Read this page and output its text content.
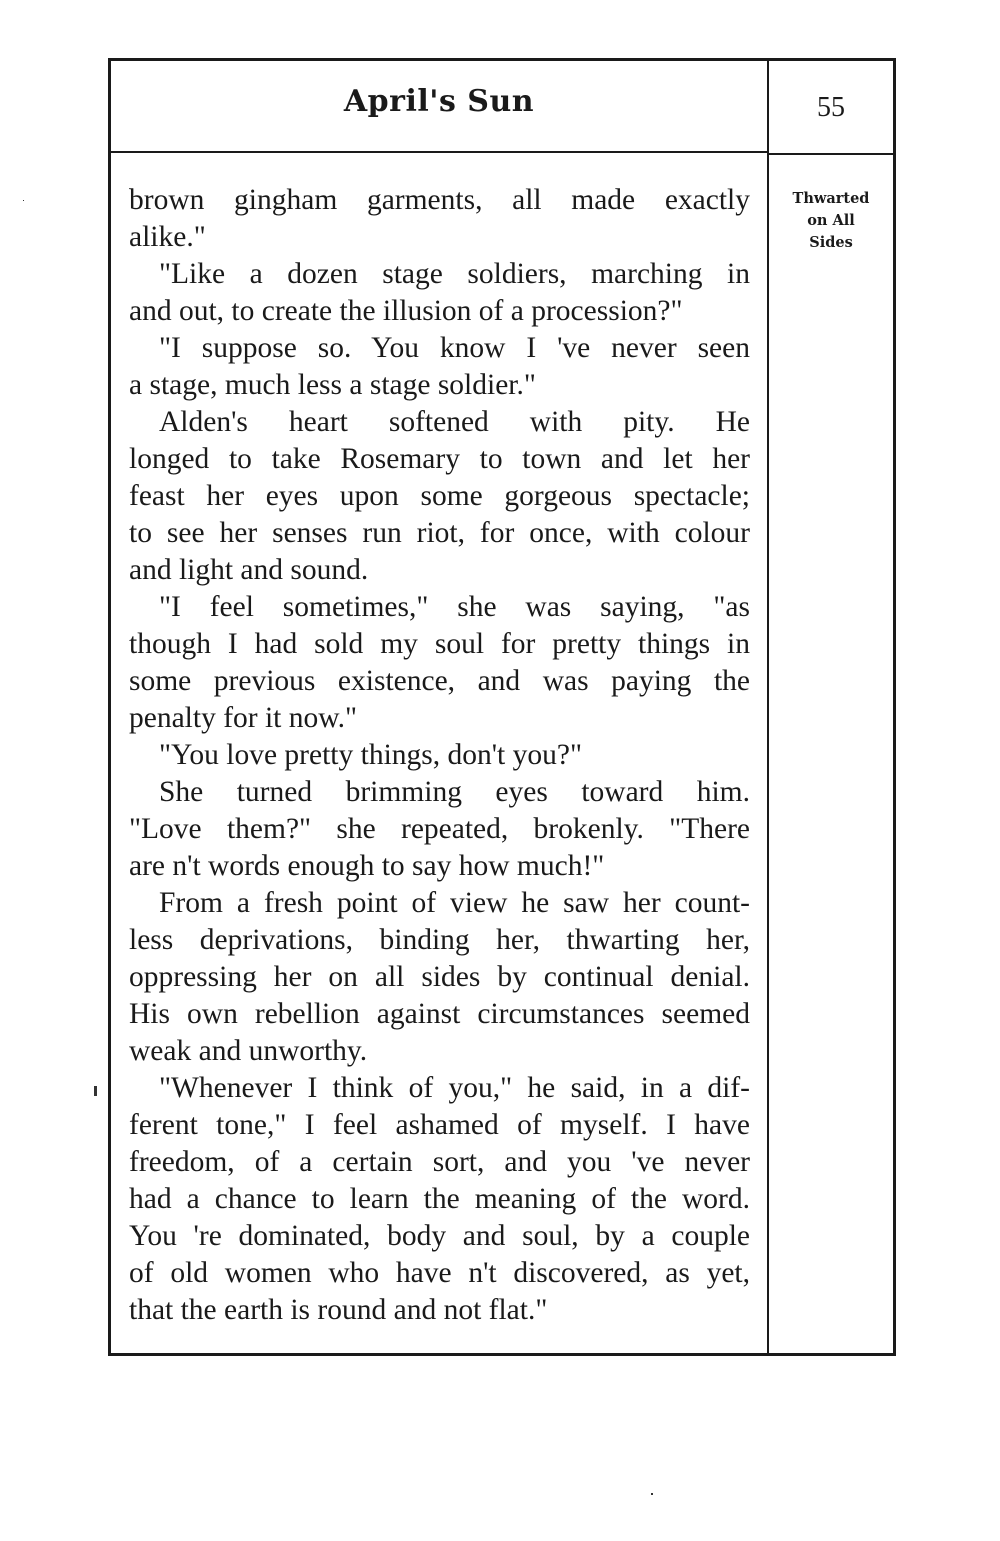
April's Sun	55
Thwarted
on All
Sides
brown gingham garments, all made exactly
alike."
"Like a dozen stage soldiers, marching in
and out, to create the illusion of a procession?"
"I suppose so. You know I 've never seen
a stage, much less a stage soldier."
Alden's heart softened with pity. He
longed to take Rosemary to town and let her
feast her eyes upon some gorgeous spectacle;
to see her senses run riot, for once, with colour
and light and sound.
"I feel sometimes," she was saying, "as
though I had sold my soul for pretty things in
some previous existence, and was paying the
penalty for it now."
"You love pretty things, don't you?"
She turned brimming eyes toward him.
"Love them?" she repeated, brokenly. "There
are n't words enough to say how much!"
From a fresh point of view he saw her count-
less deprivations, binding her, thwarting her,
oppressing her on all sides by continual denial.
His own rebellion against circumstances seemed
weak and unworthy.
"Whenever I think of you," he said, in a dif-
ferent tone," I feel ashamed of myself. I have
freedom, of a certain sort, and you 've never
had a chance to learn the meaning of the word.
You 're dominated, body and soul, by a couple
of old women who have n't discovered, as yet,
that the earth is round and not flat."
